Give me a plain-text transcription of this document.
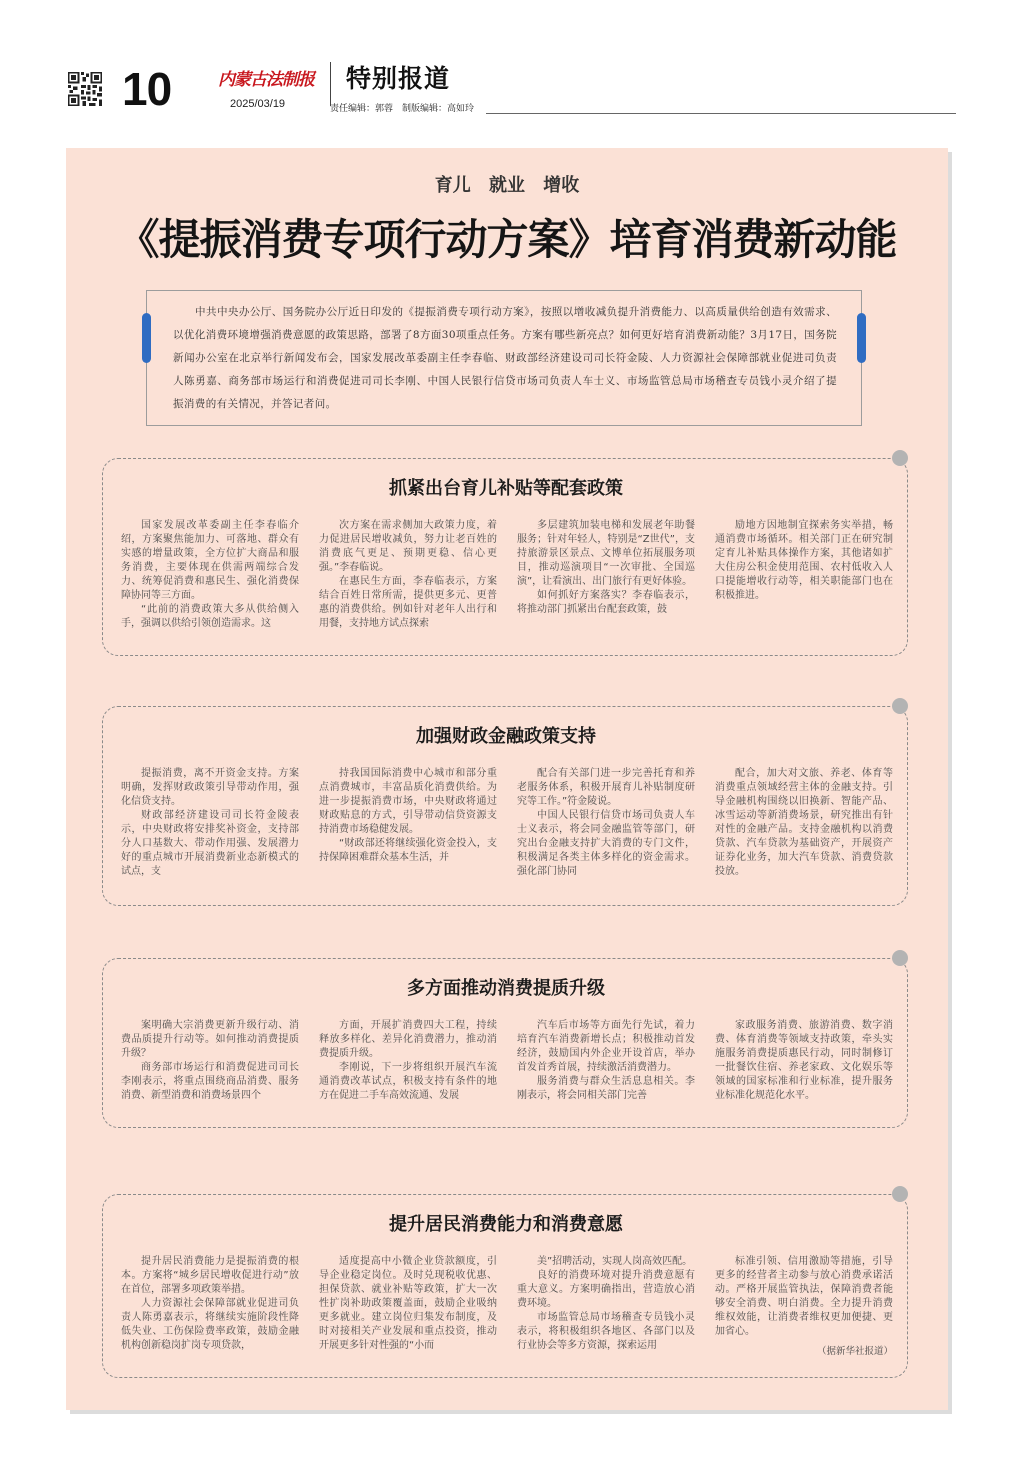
10	内蒙古法制报
2025/03/19
特别报道
责任编辑：郭蓉　制版编辑：高如玲
育儿 就业 增收
《提振消费专项行动方案》培育消费新动能

中共中央办公厅、国务院办公厅近日印发的《提振消费专项行动方案》，按照以增收减负提升消费能力、以高质量供给创造有效需求、以优化消费环境增强消费意愿的政策思路，部署了8方面30项重点任务。方案有哪些新亮点？如何更好培育消费新动能？3月17日，国务院新闻办公室在北京举行新闻发布会，国家发展改革委副主任李春临、财政部经济建设司司长符金陵、人力资源社会保障部就业促进司负责人陈勇嘉、商务部市场运行和消费促进司司长李刚、中国人民银行信贷市场司负责人车士义、市场监管总局市场稽查专员钱小灵介绍了提振消费的有关情况，并答记者问。

抓紧出台育儿补贴等配套政策

国家发展改革委副主任李春临介绍，方案聚焦能加力、可落地、群众有实感的增量政策，全方位扩大商品和服务消费，主要体现在供需两端综合发力、统筹促消费和惠民生、强化消费保障协同等三方面。

“此前的消费政策大多从供给侧入手，强调以供给引领创造需求。这

次方案在需求侧加大政策力度，着力促进居民增收减负，努力让老百姓的消费底气更足、预期更稳、信心更强。”李春临说。

在惠民生方面，李春临表示，方案结合百姓日常所需，提供更多元、更普惠的消费供给。例如针对老年人出行和用餐，支持地方试点探索

多层建筑加装电梯和发展老年助餐服务；针对年轻人，特别是“Z世代”，支持旅游景区景点、文博单位拓展服务项目，推动巡演项目“一次审批、全国巡演”，让看演出、出门旅行有更好体验。

如何抓好方案落实？李春临表示，将推动部门抓紧出台配套政策，鼓

励地方因地制宜探索务实举措，畅通消费市场循环。相关部门正在研究制定育儿补贴具体操作方案，其他诸如扩大住房公积金使用范围、农村低收入人口提能增收行动等，相关职能部门也在积极推进。

加强财政金融政策支持

提振消费，离不开资金支持。方案明确，发挥财政政策引导带动作用，强化信贷支持。

财政部经济建设司司长符金陵表示，中央财政将安排奖补资金，支持部分人口基数大、带动作用强、发展潜力好的重点城市开展消费新业态新模式的试点，支

持我国国际消费中心城市和部分重点消费城市，丰富品质化消费供给。为进一步提振消费市场，中央财政将通过财政贴息的方式，引导带动信贷资源支持消费市场稳健发展。

“财政部还将继续强化资金投入，支持保障困难群众基本生活，并

配合有关部门进一步完善托育和养老服务体系，积极开展育儿补贴制度研究等工作。”符金陵说。

中国人民银行信贷市场司负责人车士义表示，将会同金融监管等部门，研究出台金融支持扩大消费的专门文件，积极满足各类主体多样化的资金需求。强化部门协同

配合，加大对文旅、养老、体育等消费重点领域经营主体的金融支持。引导金融机构围绕以旧换新、智能产品、冰雪运动等新消费场景，研究推出有针对性的金融产品。支持金融机构以消费贷款、汽车贷款为基础资产，开展资产证券化业务，加大汽车贷款、消费贷款投放。

多方面推动消费提质升级

案明确大宗消费更新升级行动、消费品质提升行动等。如何推动消费提质升级？

商务部市场运行和消费促进司司长李刚表示，将重点围绕商品消费、服务消费、新型消费和消费场景四个

方面，开展扩消费四大工程，持续释放多样化、差异化消费潜力，推动消费提质升级。

李刚说，下一步将组织开展汽车流通消费改革试点，积极支持有条件的地方在促进二手车高效流通、发展

汽车后市场等方面先行先试，着力培育汽车消费新增长点；积极推动首发经济，鼓励国内外企业开设首店，举办首发首秀首展，持续激活消费潜力。

服务消费与群众生活息息相关。李刚表示，将会同相关部门完善

家政服务消费、旅游消费、数字消费、体育消费等领域支持政策，牵头实施服务消费提质惠民行动，同时制修订一批餐饮住宿、养老家政、文化娱乐等领域的国家标准和行业标准，提升服务业标准化规范化水平。

提升居民消费能力和消费意愿

提升居民消费能力是提振消费的根本。方案将“城乡居民增收促进行动”放在首位，部署多项政策举措。

人力资源社会保障部就业促进司负责人陈勇嘉表示，将继续实施阶段性降低失业、工伤保险费率政策，鼓励金融机构创新稳岗扩岗专项贷款，

适度提高中小微企业贷款额度，引导企业稳定岗位。及时兑现税收优惠、担保贷款、就业补贴等政策，扩大一次性扩岗补助政策覆盖面，鼓励企业吸纳更多就业。建立岗位归集发布制度，及时对接相关产业发展和重点投资，推动开展更多针对性强的“小而

美”招聘活动，实现人岗高效匹配。

良好的消费环境对提升消费意愿有重大意义。方案明确指出，营造放心消费环境。

市场监管总局市场稽查专员钱小灵表示，将积极组织各地区、各部门以及行业协会等多方资源，探索运用

标准引领、信用激励等措施，引导更多的经营者主动参与放心消费承诺活动。严格开展监管执法，保障消费者能够安全消费、明白消费。全力提升消费维权效能，让消费者维权更加便捷、更加省心。

（据新华社报道）
